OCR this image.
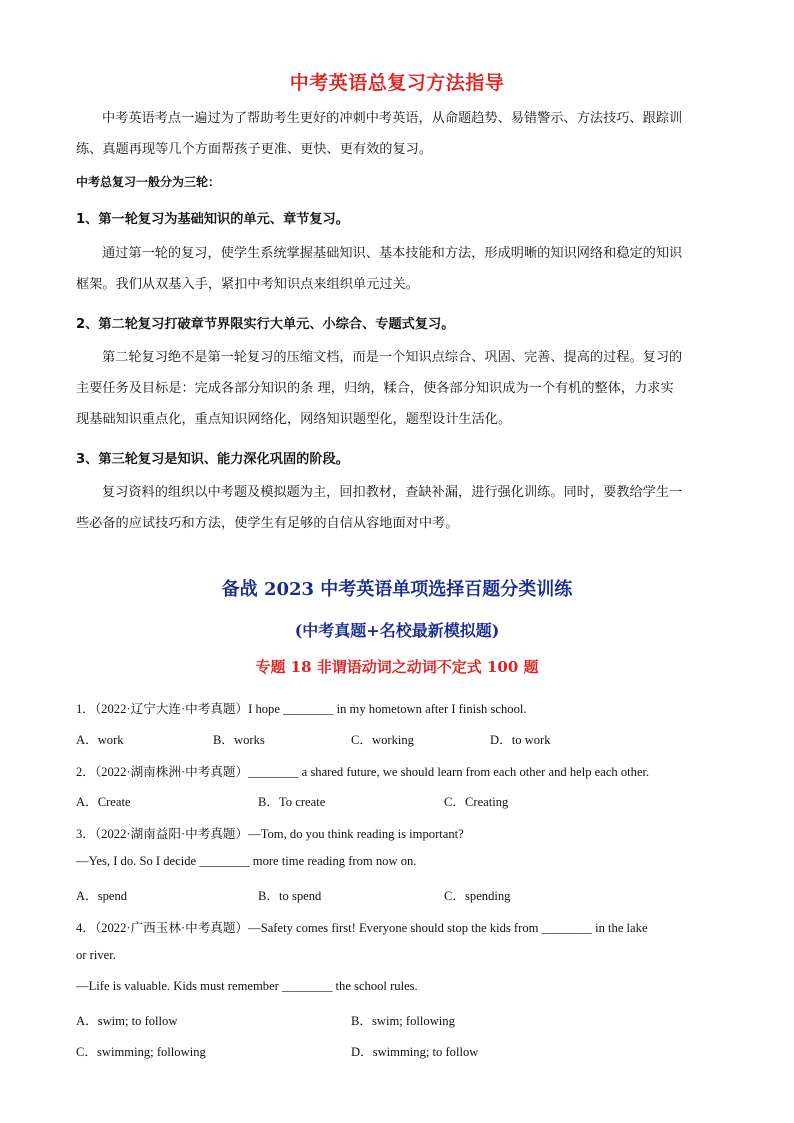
中考英语总复习方法指导
中考英语考点一遍过为了帮助考生更好的冲刺中考英语，从命题趋势、易错警示、方法技巧、跟踪训
练、真题再现等几个方面帮孩子更准、更快、更有效的复习。
中考总复习一般分为三轮：
1、第一轮复习为基础知识的单元、章节复习。
通过第一轮的复习，使学生系统掌握基础知识、基本技能和方法，形成明晰的知识网络和稳定的知识
框架。我们从双基入手，紧扣中考知识点来组织单元过关。
2、第二轮复习打破章节界限实行大单元、小综合、专题式复习。
第二轮复习绝不是第一轮复习的压缩文档，而是一个知识点综合、巩固、完善、提高的过程。复习的
主要任务及目标是：完成各部分知识的条 理，归纳，糅合，使各部分知识成为一个有机的整体，力求实
现基础知识重点化，重点知识网络化，网络知识题型化，题型设计生活化。
3、第三轮复习是知识、能力深化巩固的阶段。
复习资料的组织以中考题及模拟题为主，回扣教材，查缺补漏，进行强化训练。同时，要教给学生一
些必备的应试技巧和方法，使学生有足够的自信从容地面对中考。
备战 2023 中考英语单项选择百题分类训练
(中考真题+名校最新模拟题)
专题 18 非谓语动词之动词不定式 100 题
1．（2022·辽宁大连·中考真题）I hope ________ in my hometown after I finish school.
A．work	B．works	C．working	D．to work
2．（2022·湖南株洲·中考真题）________ a shared future, we should learn from each other and help each other.
A．Create	B．To create	C．Creating
3．（2022·湖南益阳·中考真题）—Tom, do you think reading is important?
—Yes, I do. So I decide ________ more time reading from now on.
A．spend	B．to spend	C．spending
4．（2022·广西玉林·中考真题）—Safety comes first! Everyone should stop the kids from ________ in the lake
or river.
—Life is valuable. Kids must remember ________ the school rules.
A．swim; to follow	B．swim; following
C．swimming; following	D．swimming; to follow
